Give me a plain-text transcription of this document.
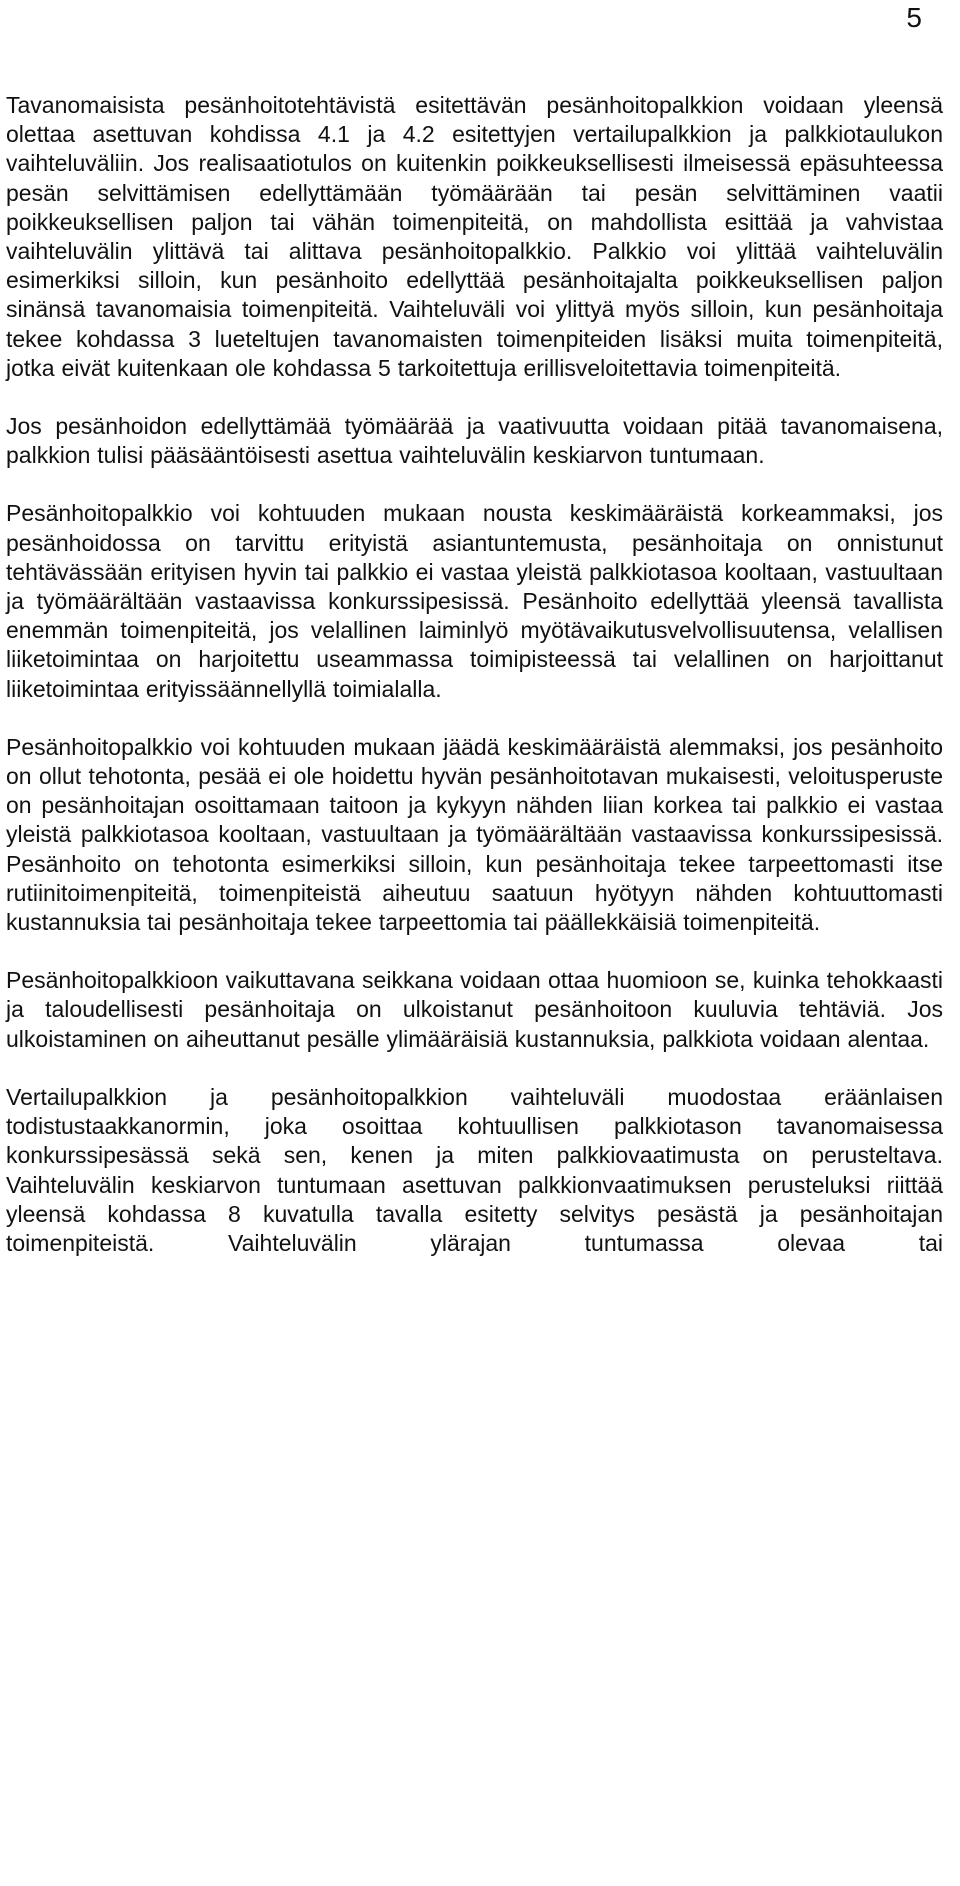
5

Tavanomaisista pesänhoitotehtävistä esitettävän pesänhoitopalkkion voidaan yleensä olettaa asettuvan kohdissa 4.1 ja 4.2 esitettyjen vertailupalkkion ja palkkiotaulukon vaihteluväliin. Jos realisaatiotulos on kuitenkin poikkeuksellisesti ilmeisessä epäsuhteessa pesän selvittämisen edellyttämään työmäärään tai pesän selvittäminen vaatii poikkeuksellisen paljon tai vähän toimenpiteitä, on mahdollista esittää ja vahvistaa vaihteluvälin ylittävä tai alittava pesänhoitopalkkio. Palkkio voi ylittää vaihteluvälin esimerkiksi silloin, kun pesänhoito edellyttää pesänhoitajalta poikkeuksellisen paljon sinänsä tavanomaisia toimenpiteitä. Vaihteluväli voi ylittyä myös silloin, kun pesänhoitaja tekee kohdassa 3 lueteltujen tavanomaisten toimenpiteiden lisäksi muita toimenpiteitä, jotka eivät kuitenkaan ole kohdassa 5 tarkoitettuja erillisveloitettavia toimenpiteitä.

Jos pesänhoidon edellyttämää työmäärää ja vaativuutta voidaan pitää tavanomaisena, palkkion tulisi pääsääntöisesti asettua vaihteluvälin keskiarvon tuntumaan.

Pesänhoitopalkkio voi kohtuuden mukaan nousta keskimääräistä korkeammaksi, jos pesänhoidossa on tarvittu erityistä asiantuntemusta, pesänhoitaja on onnistunut tehtävässään erityisen hyvin tai palkkio ei vastaa yleistä palkkiotasoa kooltaan, vastuultaan ja työmäärältään vastaavissa konkurssipesissä. Pesänhoito edellyttää yleensä tavallista enemmän toimenpiteitä, jos velallinen laiminlyö myötävaikutusvelvollisuutensa, velallisen liiketoimintaa on harjoitettu useammassa toimipisteessä tai velallinen on harjoittanut liiketoimintaa erityissäännellyllä toimialalla.

Pesänhoitopalkkio voi kohtuuden mukaan jäädä keskimääräistä alemmaksi, jos pesänhoito on ollut tehotonta, pesää ei ole hoidettu hyvän pesänhoitotavan mukaisesti, veloitusperuste on pesänhoitajan osoittamaan taitoon ja kykyyn nähden liian korkea tai palkkio ei vastaa yleistä palkkiotasoa kooltaan, vastuultaan ja työmäärältään vastaavissa konkurssipesissä. Pesänhoito on tehotonta esimerkiksi silloin, kun pesänhoitaja tekee tarpeettomasti itse rutiinitoimenpiteitä, toimenpiteistä aiheutuu saatuun hyötyyn nähden kohtuuttomasti kustannuksia tai pesänhoitaja tekee tarpeettomia tai päällekkäisiä toimenpiteitä.

Pesänhoitopalkkioon vaikuttavana seikkana voidaan ottaa huomioon se, kuinka tehokkaasti ja taloudellisesti pesänhoitaja on ulkoistanut pesänhoitoon kuuluvia tehtäviä. Jos ulkoistaminen on aiheuttanut pesälle ylimääräisiä kustannuksia, palkkiota voidaan alentaa.

Vertailupalkkion ja pesänhoitopalkkion vaihteluväli muodostaa eräänlaisen todistustaakkanormin, joka osoittaa kohtuullisen palkkiotason tavanomaisessa konkurssipesässä sekä sen, kenen ja miten palkkiovaatimusta on perusteltava. Vaihteluvälin keskiarvon tuntumaan asettuvan palkkionvaatimuksen perusteluksi riittää yleensä kohdassa 8 kuvatulla tavalla esitetty selvitys pesästä ja pesänhoitajan toimenpiteistä. Vaihteluvälin ylärajan tuntumassa olevaa tai
